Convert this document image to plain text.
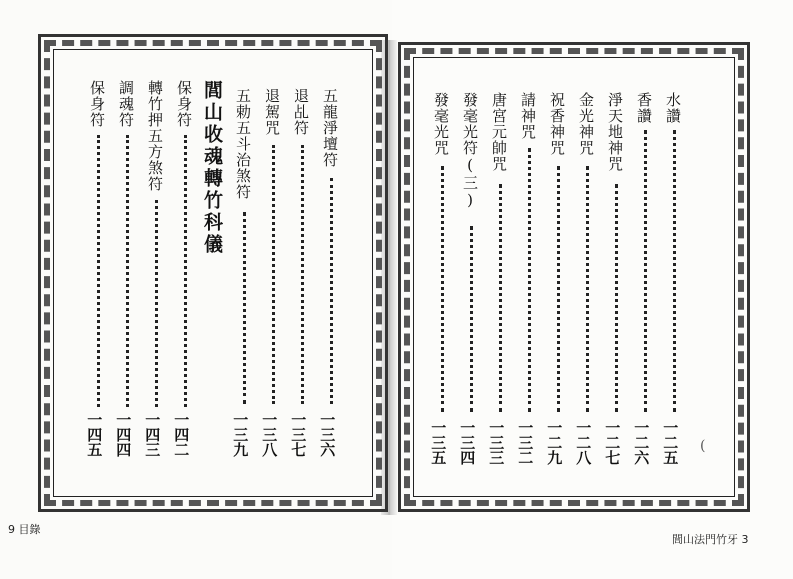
五龍淨壇符
一三六
退乩符
一三七
退駕咒
一三八
五勅五斗治煞符
一三九
閭山收魂轉竹科儀
保身符
一四二
轉竹押五方煞符
一四三
調魂符
一四四
保身符
一四五
水讚
一二五
香讚
一二六
淨天地神咒
一二七
金光神咒
一二八
祝香神咒
一二九
請神咒
一三二
唐宮元帥咒
一三三
發毫光符(三)
一三四
發毫光咒
一三五	(
9 目錄
閭山法門竹牙 3
